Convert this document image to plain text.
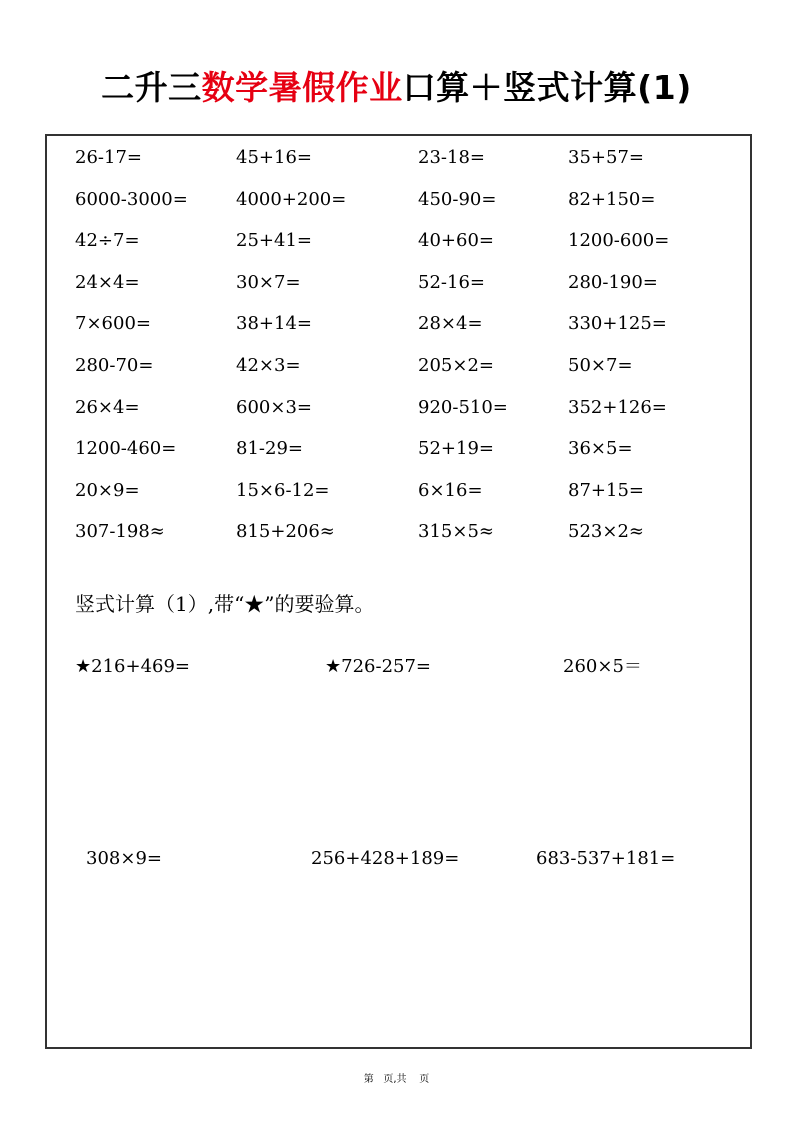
二升三数学暑假作业口算＋竖式计算(1)
26-17=	45+16=	23-18=	35+57=
6000-3000=	4000+200=	450-90=	82+150=
42÷7=	25+41=	40+60=	1200-600=
24×4=	30×7=	52-16=	280-190=
7×600=	38+14=	28×4=	330+125=
280-70=	42×3=	205×2=	50×7=
26×4=	600×3=	920-510=	352+126=
1200-460=	81-29=	52+19=	36×5=
20×9=	15×6-12=	6×16=	87+15=
307-198≈	815+206≈	315×5≈	523×2≈
竖式计算（1）,带“★”的要验算。
★216+469=	★726-257=	260×5＝
308×9=	256+428+189=	683-537+181=
第   页,共    页
